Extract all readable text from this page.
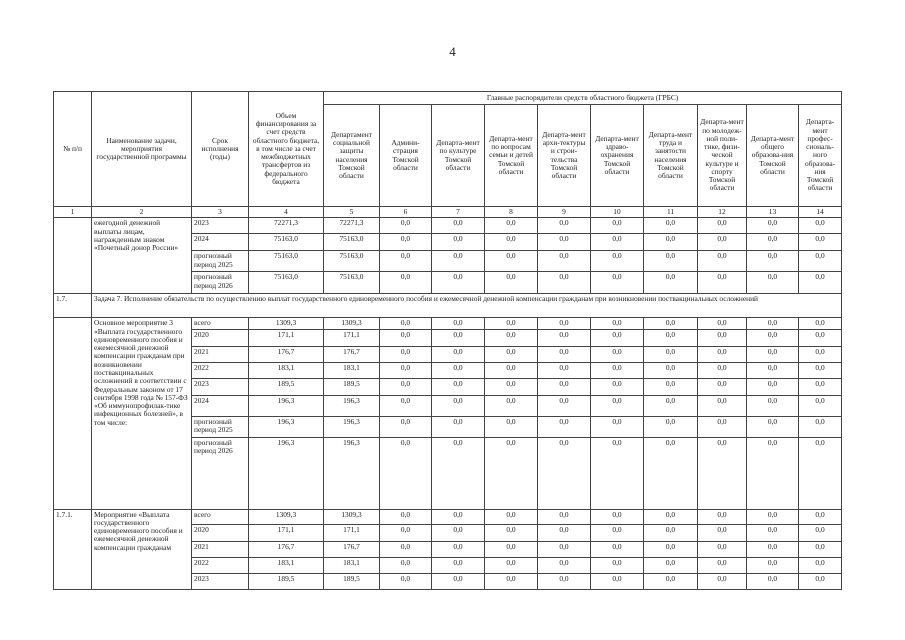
4
№ п/п	Наименование задачи, мероприятия государственной программы	Срок исполнения (годы)	Объем финансирования за счет средств областного бюджета, в том числе за счет межбюджетных трансфертов из федерального бюджета	Главные распорядители средств областного бюджета (ГРБС)									
				Департамент социальной защиты населения Томской области	Админи-страция Томской области	Департа-мент по культуре Томской области	Департа-мент по вопросам семьи и детей Томской области	Департа-мент архи-тектуры и строи-тельства Томской области	Департа-мент здраво-охранения Томской области	Департа-мент труда и занятости населения Томской области	Департа-мент по молодеж-ной поли-тике, физи-ческой культуре и спорту Томской области	Департа-мент общего образова-ния Томской области	Департа-мент профес-сиональ-ного образова-ния Томской области
1	2	3	4	5	6	7	8	9	10	11	12	13	14
	ежегодной денежной выплаты лицам, награжденным знаком «Почетный донор России»	2023	72271,3	72271,3	0,0	0,0	0,0	0,0	0,0	0,0	0,0	0,0	0,0
		2024	75163,0	75163,0	0,0	0,0	0,0	0,0	0,0	0,0	0,0	0,0	0,0
		прогнозный период 2025	75163,0	75163,0	0,0	0,0	0,0	0,0	0,0	0,0	0,0	0,0	0,0
		прогнозный период 2026	75163,0	75163,0	0,0	0,0	0,0	0,0	0,0	0,0	0,0	0,0	0,0
1.7.	Задача 7. Исполнение обязательств по осуществлению выплат государственного единовременного пособия и ежемесячной денежной компенсации гражданам при возникновении поствакцинальных осложнений												
	Основное мероприятие 3 «Выплата государственного единовременного пособия и ежемесячной денежной компенсации гражданам при возникновении поствакцинальных осложнений в соответствии с Федеральным законом от 17 сентября 1998 года № 157-ФЗ «Об иммунопрофилак-тике инфекционных болезней», в том числе:	всего	1309,3	1309,3	0,0	0,0	0,0	0,0	0,0	0,0	0,0	0,0	0,0
		2020	171,1	171,1	0,0	0,0	0,0	0,0	0,0	0,0	0,0	0,0	0,0
		2021	176,7	176,7	0,0	0,0	0,0	0,0	0,0	0,0	0,0	0,0	0,0
		2022	183,1	183,1	0,0	0,0	0,0	0,0	0,0	0,0	0,0	0,0	0,0
		2023	189,5	189,5	0,0	0,0	0,0	0,0	0,0	0,0	0,0	0,0	0,0
		2024	196,3	196,3	0,0	0,0	0,0	0,0	0,0	0,0	0,0	0,0	0,0
		прогнозный период 2025	196,3	196,3	0,0	0,0	0,0	0,0	0,0	0,0	0,0	0,0	0,0
		прогнозный период 2026	196,3	196,3	0,0	0,0	0,0	0,0	0,0	0,0	0,0	0,0	0,0
1.7.1.	Мероприятие «Выплата государственного единовременного пособия и ежемесячной денежной компенсации гражданам	всего	1309,3	1309,3	0,0	0,0	0,0	0,0	0,0	0,0	0,0	0,0	0,0
		2020	171,1	171,1	0,0	0,0	0,0	0,0	0,0	0,0	0,0	0,0	0,0
		2021	176,7	176,7	0,0	0,0	0,0	0,0	0,0	0,0	0,0	0,0	0,0
		2022	183,1	183,1	0,0	0,0	0,0	0,0	0,0	0,0	0,0	0,0	0,0
		2023	189,5	189,5	0,0	0,0	0,0	0,0	0,0	0,0	0,0	0,0	0,0
